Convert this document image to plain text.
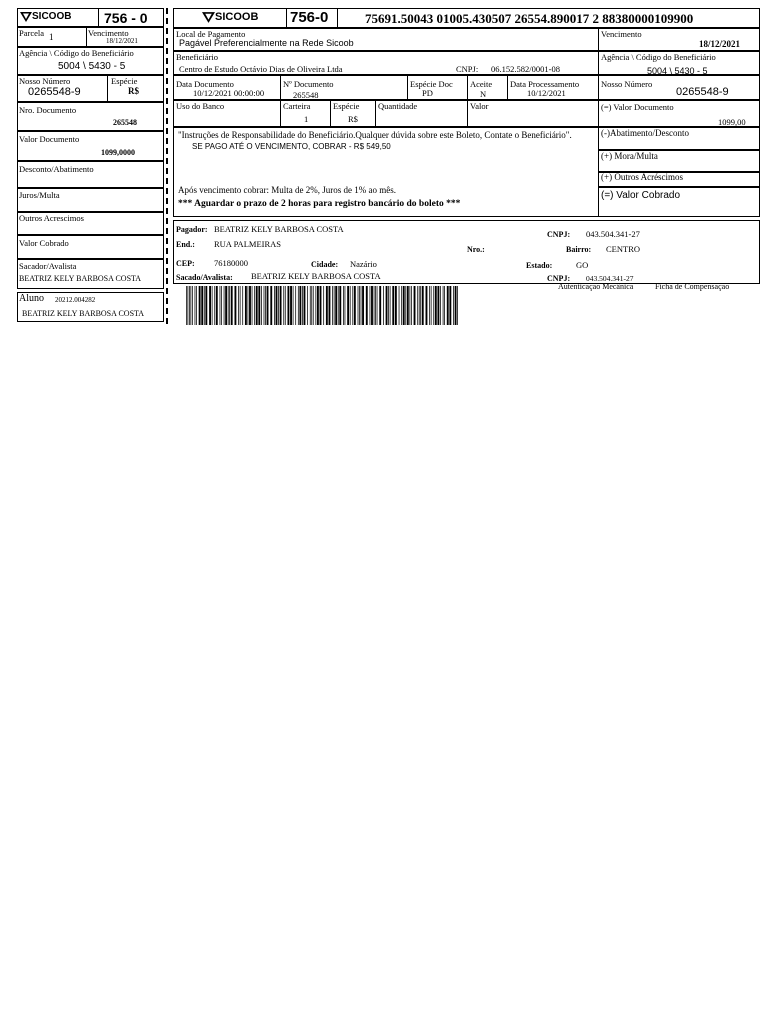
SICOOB 756 - 0
Parcela 1	Vencimento
18/12/2021
Agência \ Código do Beneficiário
5004 \ 5430 - 5
Nosso Número
0265548-9
Espécie
R$
Nro. Documento
265548
Valor Documento
1099,0000
Desconto/Abatimento
Juros/Multa
Outros Acrescimos
Valor Cobrado
Sacador/Avalista
BEATRIZ KELY BARBOSA COSTA
Aluno 20212.004282
BEATRIZ KELY BARBOSA COSTA
SICOOB 756-0	75691.50043 01005.430507 26554.890017 2 88380000109900
Local de Pagamento
Pagável Preferencialmente na Rede Sicoob
Vencimento
18/12/2021
Beneficiário
Centro de Estudo Octávio Dias de Oliveira Ltda	CNPJ: 06.152.582/0001-08
Agência \ Código do Beneficiário
5004 \ 5430 - 5
Data Documento
10/12/2021 00:00:00
Nº Documento
265548
Espécie Doc
PD
Aceite
N
Data Processamento
10/12/2021
Nosso Número
0265548-9
Uso do Banco	Carteira
1
Espécie
R$
Quantidade	Valor	(=) Valor Documento
1099,00
"Instruções de Responsabilidade do Beneficiário.Qualquer dúvida sobre este Boleto, Contate o Beneficiário".
SE PAGO ATÉ O VENCIMENTO, COBRAR - R$ 549,50
Após vencimento cobrar: Multa de 2%, Juros de 1% ao mês.
*** Aguardar o prazo de 2 horas para registro bancário do boleto ***
(-)Abatimento/Desconto
(+) Mora/Multa
(+) Outros Acréscimos
(=) Valor Cobrado
Pagador: BEATRIZ KELY BARBOSA COSTA
CNPJ: 043.504.341-27
End.: RUA PALMEIRAS
Nro.:	Bairro: CENTRO
CEP: 76180000	Cidade: Nazário	Estado:	GO
Sacado/Avalista: BEATRIZ KELY BARBOSA COSTA	CNPJ: 043.504.341-27
Autenticação Mecânica	Ficha de Compensação
